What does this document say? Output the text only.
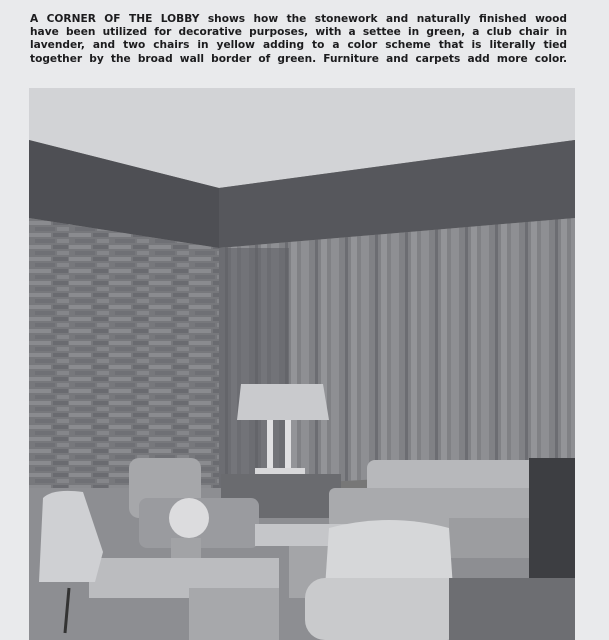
A CORNER OF THE LOBBY shows how the stonework and naturally finished wood
have been utilized for decorative purposes, with a settee in green, a club chair in
lavender, and two chairs in yellow adding to a color scheme that is literally tied
together by the broad wall border of green. Furniture and carpets add more color.
